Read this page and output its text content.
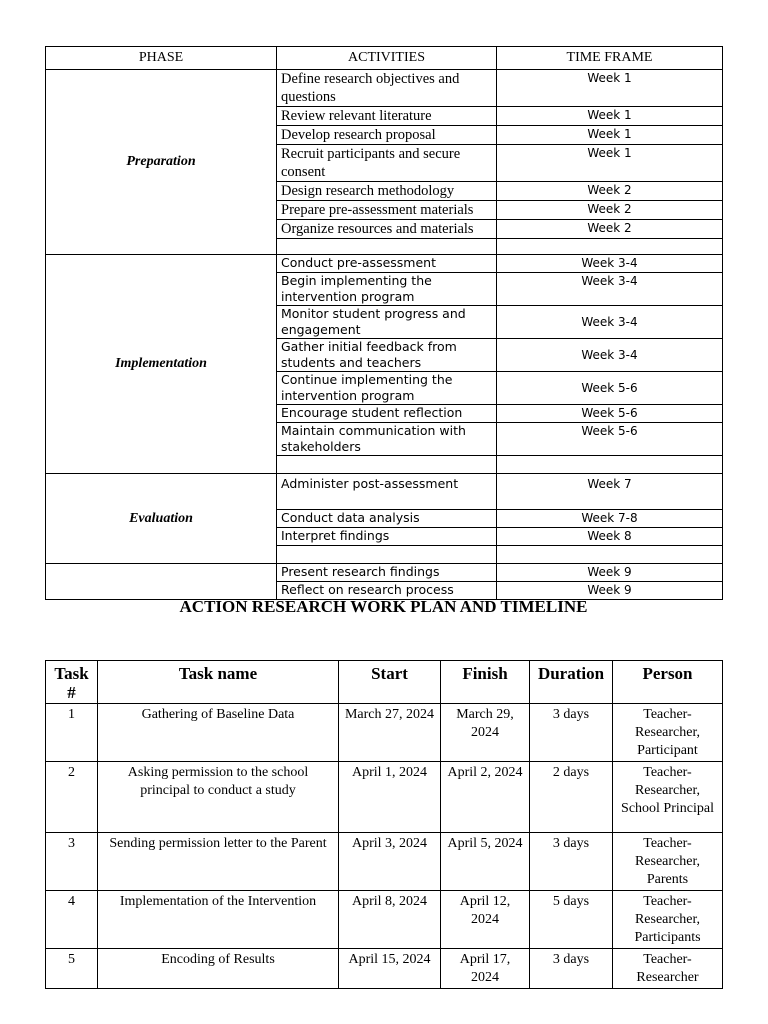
PHASE	ACTIVITIES	TIME FRAME
Preparation	Define research objectives and questions	Week 1
	Review relevant literature	Week 1
	Develop research proposal	Week 1
	Recruit participants and secure consent	Week 1
	Design research methodology	Week 2
	Prepare pre-assessment materials	Week 2
	Organize resources and materials	Week 2

Implementation	Conduct pre-assessment	Week 3-4
	Begin implementing the intervention program	Week 3-4
	Monitor student progress and engagement	Week 3-4
	Gather initial feedback from students and teachers	Week 3-4
	Continue implementing the intervention program	Week 5-6
	Encourage student reflection	Week 5-6
	Maintain communication with stakeholders	Week 5-6

Evaluation	Administer post-assessment	Week 7
	Conduct data analysis	Week 7-8
	Interpret findings	Week 8

	Present research findings	Week 9
	Reflect on research process	Week 9
ACTION RESEARCH WORK PLAN AND TIMELINE
Task #	Task name	Start	Finish	Duration	Person
1	Gathering of Baseline Data	March 27, 2024	March 29, 2024	3 days	Teacher-Researcher, Participant
2	Asking permission to the school principal to conduct a study	April 1, 2024	April 2, 2024	2 days	Teacher-Researcher, School Principal
3	Sending permission letter to the Parent	April 3, 2024	April 5, 2024	3 days	Teacher-Researcher, Parents
4	Implementation of the Intervention	April 8, 2024	April 12, 2024	5 days	Teacher-Researcher, Participants
5	Encoding of Results	April 15, 2024	April 17, 2024	3 days	Teacher-Researcher
